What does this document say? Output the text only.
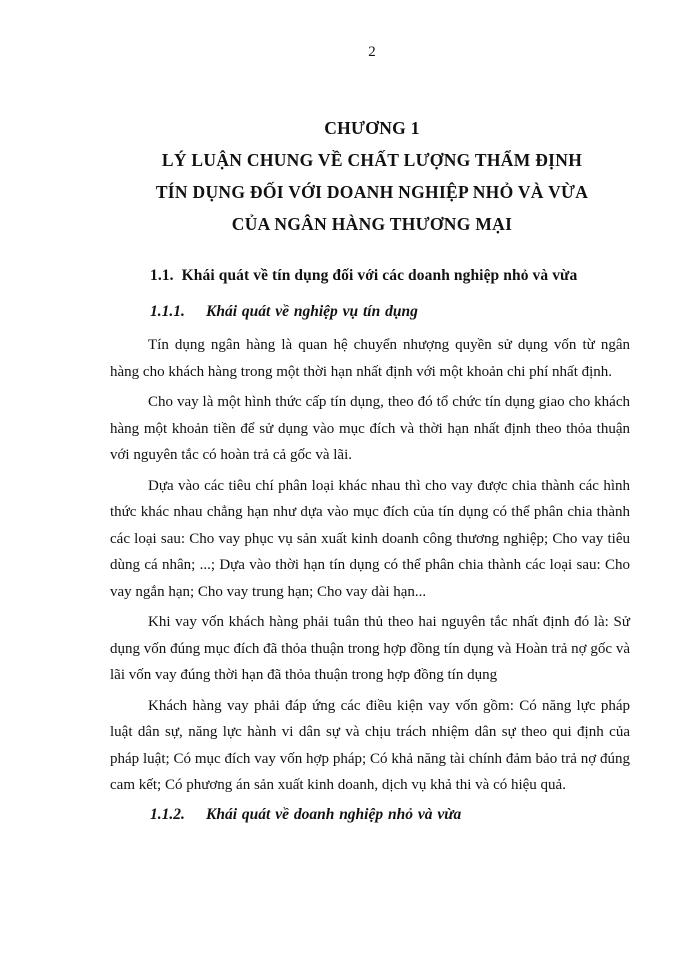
2
CHƯƠNG 1
LÝ LUẬN CHUNG VỀ CHẤT LƯỢNG THẨM ĐỊNH
TÍN DỤNG ĐỐI VỚI DOANH NGHIỆP NHỎ VÀ VỪA
CỦA NGÂN HÀNG THƯƠNG MẠI
1.1. Khái quát về tín dụng đối với các doanh nghiệp nhỏ và vừa
1.1.1. Khái quát về nghiệp vụ tín dụng

Tín dụng ngân hàng là quan hệ chuyển nhượng quyền sử dụng vốn từ ngân hàng cho khách hàng trong một thời hạn nhất định với một khoản chi phí nhất định.

Cho vay là một hình thức cấp tín dụng, theo đó tổ chức tín dụng giao cho khách hàng một khoản tiền để sử dụng vào mục đích và thời hạn nhất định theo thỏa thuận với nguyên tắc có hoàn trả cả gốc và lãi.

Dựa vào các tiêu chí phân loại khác nhau thì cho vay được chia thành các hình thức khác nhau chẳng hạn như dựa vào mục đích của tín dụng có thể phân chia thành các loại sau: Cho vay phục vụ sản xuất kinh doanh công thương nghiệp; Cho vay tiêu dùng cá nhân; ...; Dựa vào thời hạn tín dụng có thể phân chia thành các loại sau: Cho vay ngắn hạn; Cho vay trung hạn; Cho vay dài hạn...

Khi vay vốn khách hàng phải tuân thủ theo hai nguyên tắc nhất định đó là: Sử dụng vốn đúng mục đích đã thỏa thuận trong hợp đồng tín dụng và Hoàn trả nợ gốc và lãi vốn vay đúng thời hạn đã thỏa thuận trong hợp đồng tín dụng

Khách hàng vay phải đáp ứng các điều kiện vay vốn gồm: Có năng lực pháp luật dân sự, năng lực hành vi dân sự và chịu trách nhiệm dân sự theo qui định của pháp luật; Có mục đích vay vốn hợp pháp; Có khả năng tài chính đảm bảo trả nợ đúng cam kết; Có phương án sản xuất kinh doanh, dịch vụ khả thi và có hiệu quả.

1.1.2. Khái quát về doanh nghiệp nhỏ và vừa
